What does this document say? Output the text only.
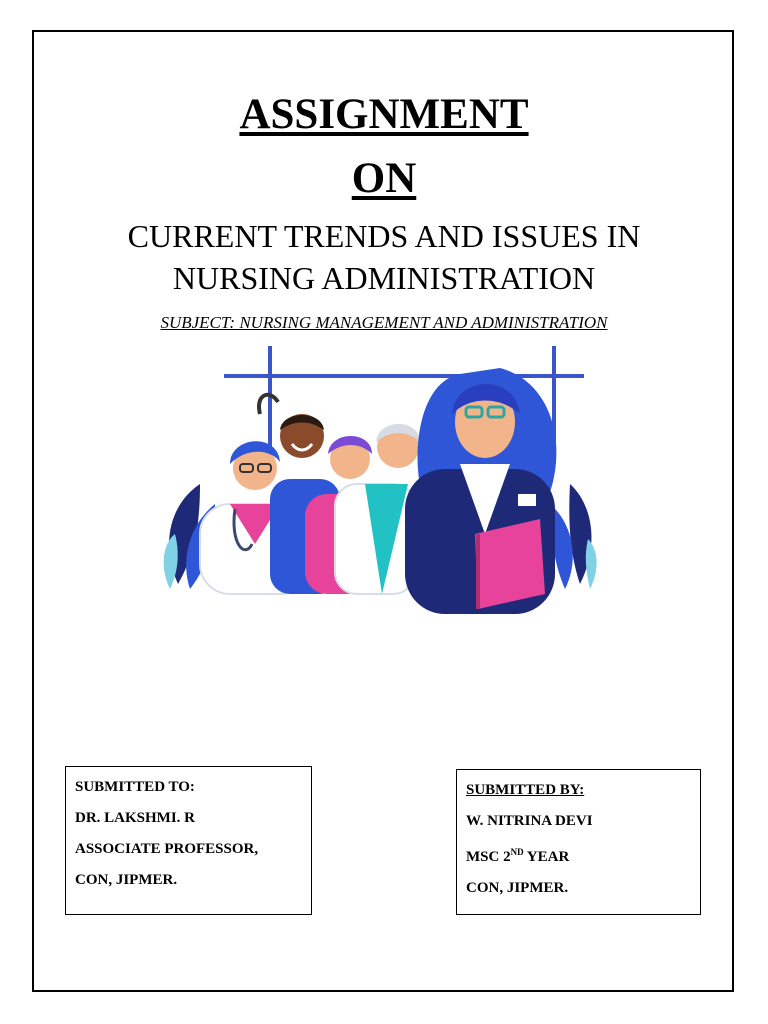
ASSIGNMENT
ON
CURRENT TRENDS AND ISSUES IN
NURSING ADMINISTRATION
SUBJECT: NURSING MANAGEMENT AND ADMINISTRATION
SUBMITTED TO:
DR. LAKSHMI. R
ASSOCIATE PROFESSOR,
CON, JIPMER.
SUBMITTED BY:
W. NITRINA DEVI
MSC 2ND YEAR
CON, JIPMER.
